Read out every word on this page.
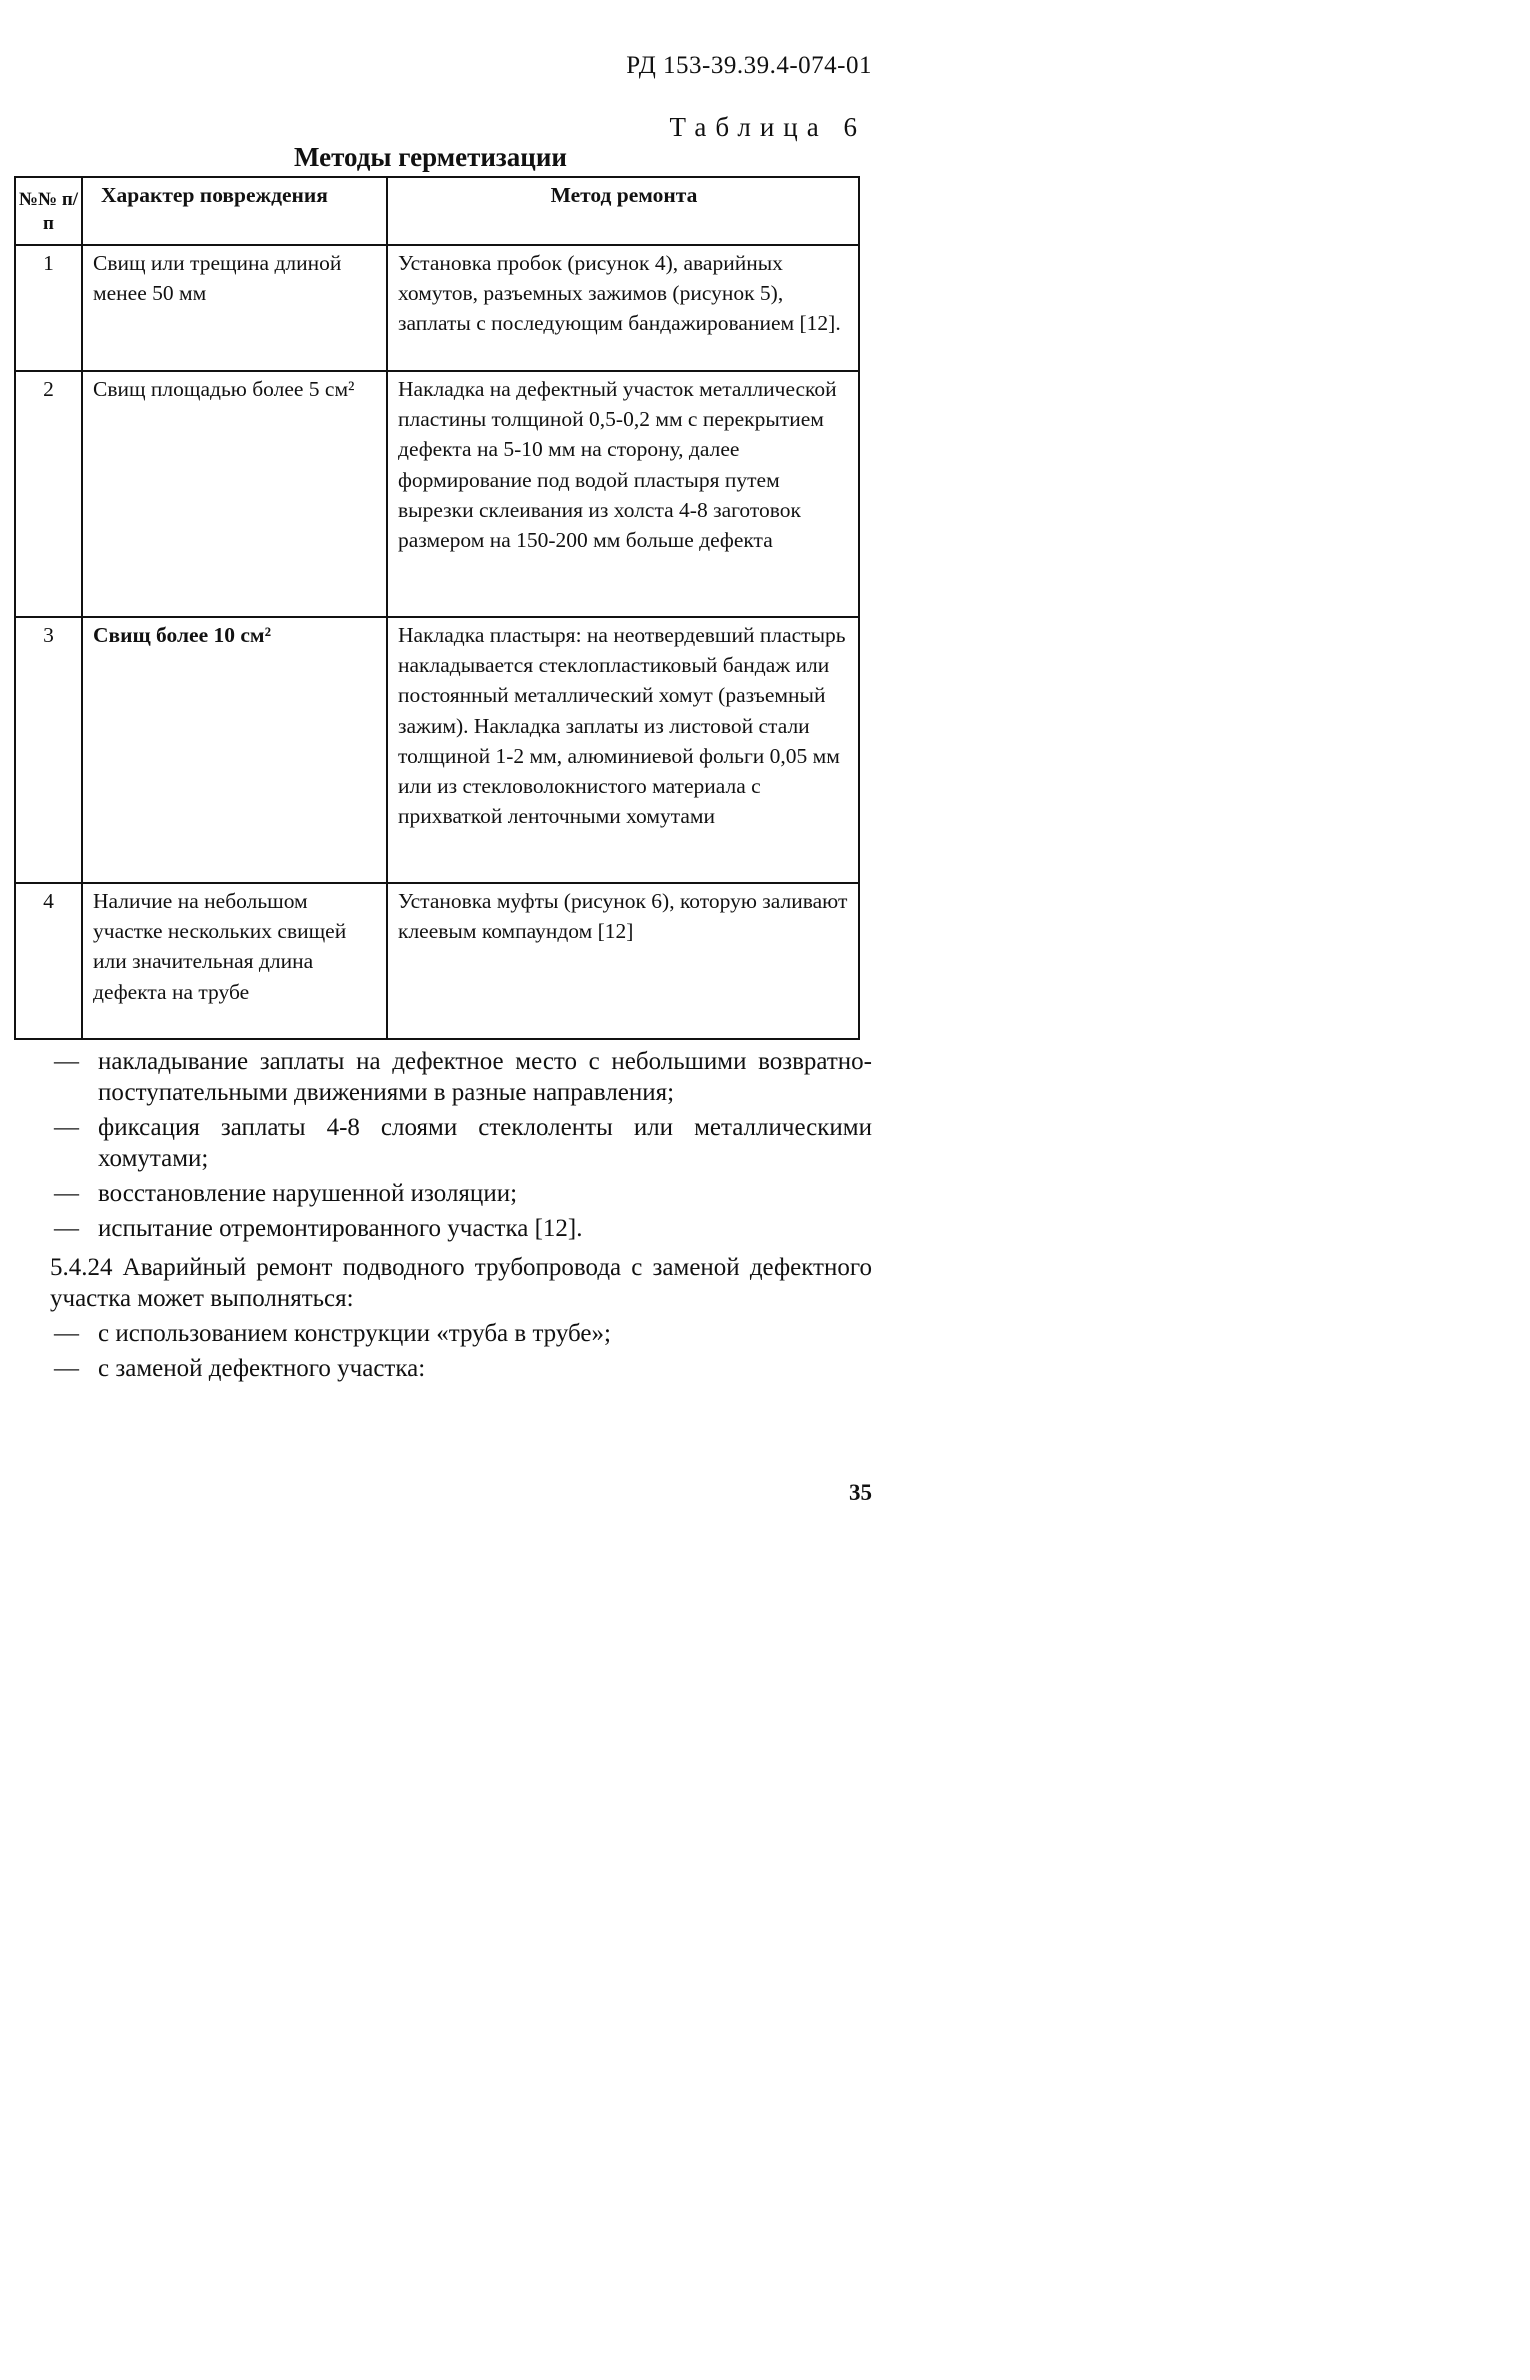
РД 153-39.39.4-074-01
Таблица 6
Методы герметизации
№№ п/п	Характер повреждения	Метод ремонта
1	Свищ или трещина длиной менее 50 мм	Установка пробок (рисунок 4), аварийных хомутов, разъемных зажимов (рисунок 5), заплаты с последующим бандажированием [12].
2	Свищ площадью более 5 см²	Накладка на дефектный участок металлической пластины толщиной 0,5-0,2 мм с перекрытием дефекта на 5-10 мм на сторону, далее формирование под водой пластыря путем вырезки склеивания из холста 4-8 заготовок размером на 150-200 мм больше дефекта
3	Свищ более 10 см²	Накладка пластыря: на неотвердевший пластырь накладывается стеклопластиковый бандаж или постоянный металлический хомут (разъемный зажим). Накладка заплаты из листовой стали толщиной 1-2 мм, алюминиевой фольги 0,05 мм или из стекловолокнистого материала с прихваткой ленточными хомутами
4	Наличие на небольшом участке нескольких свищей или значительная длина дефекта на трубе	Установка муфты (рисунок 6), которую заливают клеевым компаундом [12]
— накладывание заплаты на дефектное место с небольшими возвратно-поступательными движениями в разные направления;
— фиксация заплаты 4-8 слоями стеклоленты или металлическими хомутами;
— восстановление нарушенной изоляции;
— испытание отремонтированного участка [12].

5.4.24 Аварийный ремонт подводного трубопровода с заменой дефектного участка может выполняться:

— с использованием конструкции «труба в трубе»;
— с заменой дефектного участка:
35
